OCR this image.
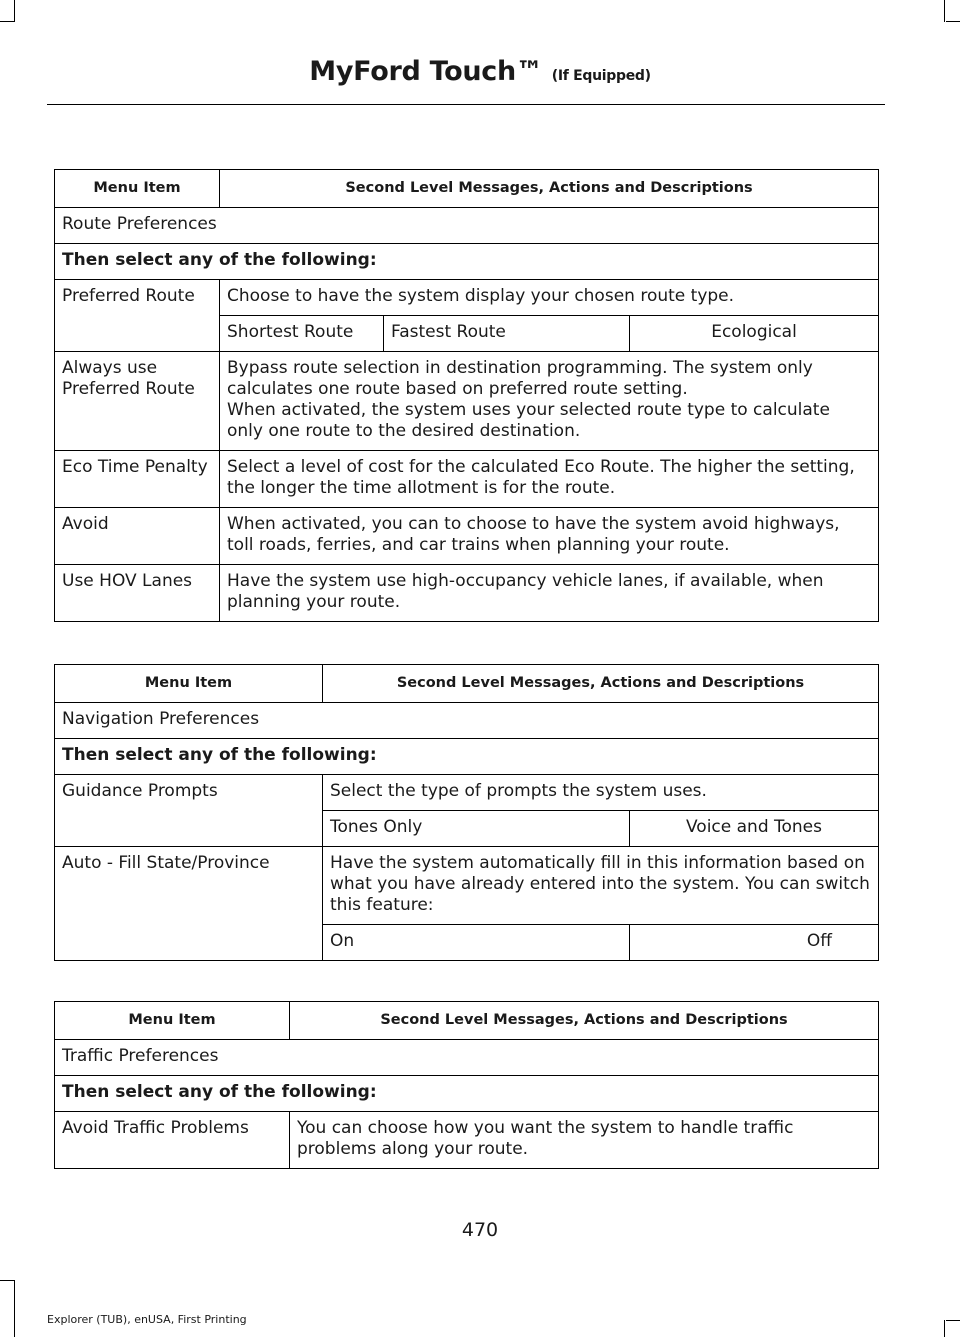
MyFord Touch™ (If Equipped)
Menu Item	Second Level Messages, Actions and Descriptions		
Route Preferences			
Then select any of the following:			
Preferred Route	Choose to have the system display your chosen route type.		
	Shortest Route	Fastest Route	Ecological
Always use Preferred Route	Bypass route selection in destination programming. The system only calculates one route based on preferred route setting.
When activated, the system uses your selected route type to calculate only one route to the desired destination.		

Eco Time Penalty	Select a level of cost for the calculated Eco Route. The higher the setting, the longer the time allotment is for the route.		
Avoid	When activated, you can to choose to have the system avoid highways, toll roads, ferries, and car trains when planning your route.		
Use HOV Lanes	Have the system use high-occupancy vehicle lanes, if available, when planning your route.		
Menu Item	Second Level Messages, Actions and Descriptions	
Navigation Preferences		
Then select any of the following:		
Guidance Prompts	Select the type of prompts the system uses.	
	Tones Only	Voice and Tones
Auto - Fill State/Province	Have the system automatically fill in this information based on what you have already entered into the system. You can switch this feature:	
	On	Off
Menu Item	Second Level Messages, Actions and Descriptions
Traffic Preferences	
Then select any of the following:	
Avoid Traffic Problems	You can choose how you want the system to handle traffic problems along your route.
470
Explorer (TUB), enUSA, First Printing
